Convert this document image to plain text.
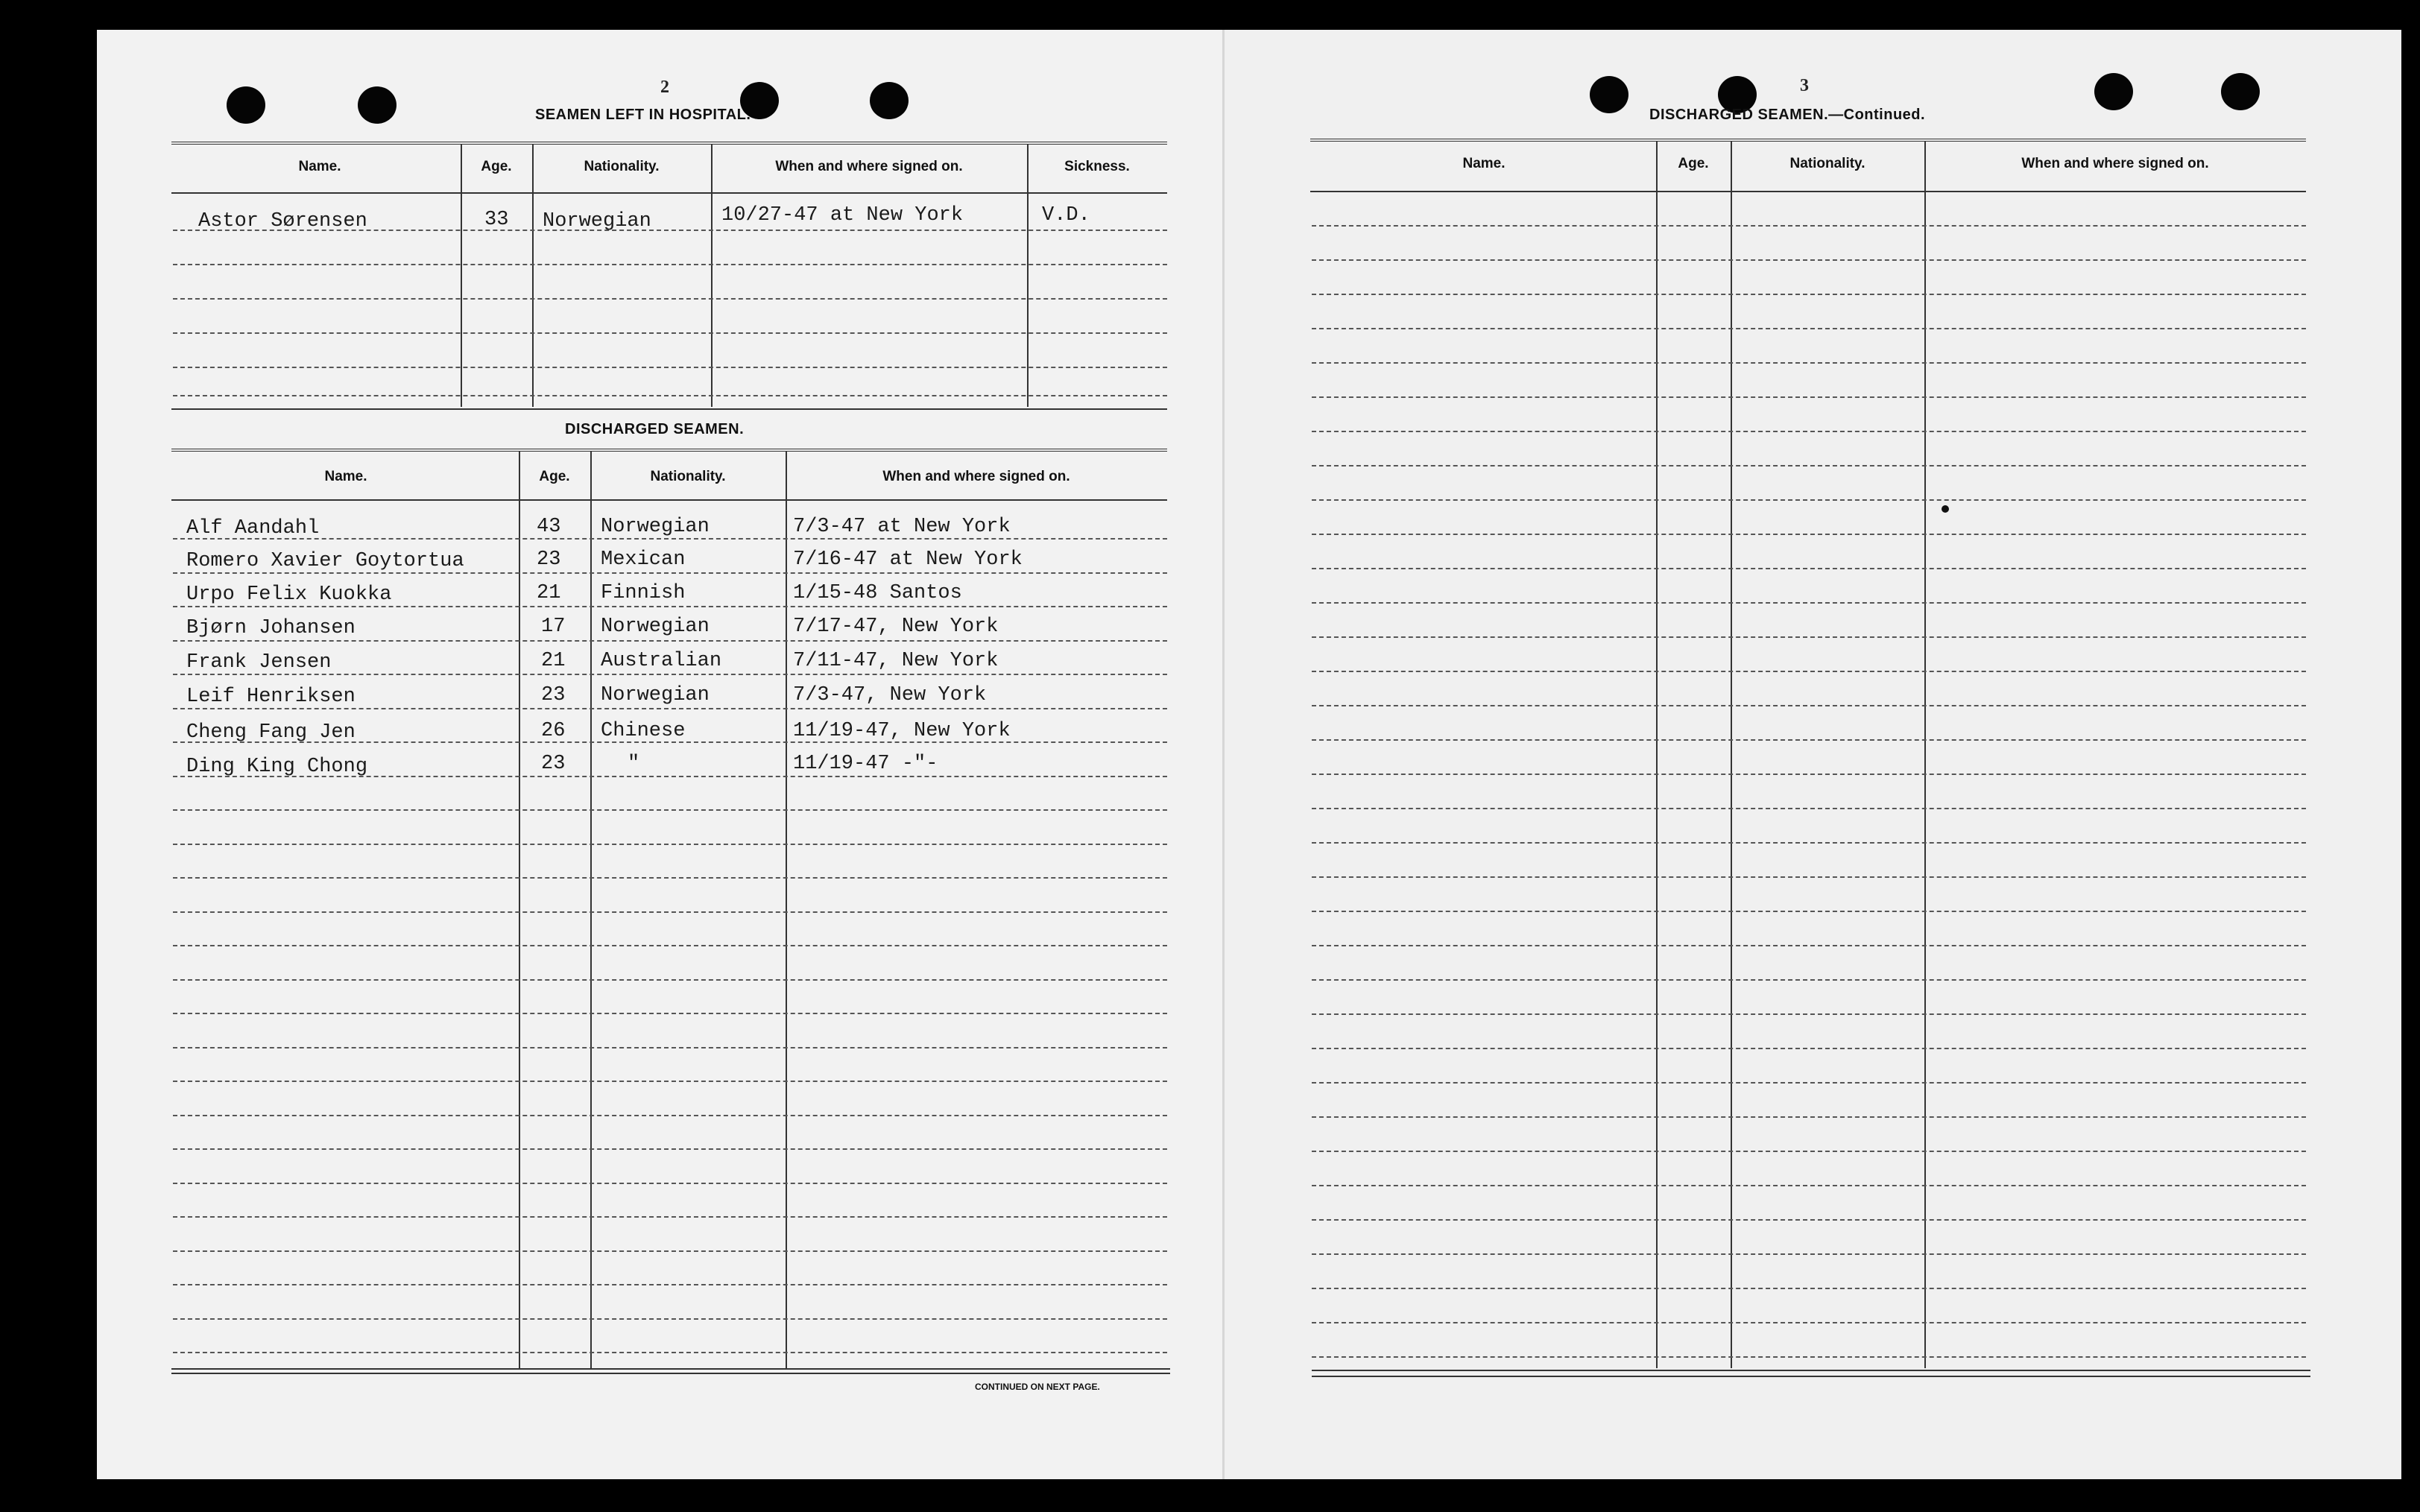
2
SEAMEN LEFT IN HOSPITAL.
Name.	Age.	Nationality.	When and where signed on.	Sickness.
Astor Sørensen	33 Norwegian	10/27-47 at New York	V.D.
DISCHARGED SEAMEN.
Name.	Age.	Nationality.	When and where signed on.
Alf Aandahl	43 Norwegian	7/3-47 at New York
Romero Xavier Goytortua	23 Mexican	7/16-47 at New York
Urpo Felix Kuokka	21 Finnish	1/15-48 Santos
Bjørn Johansen	17 Norwegian	7/17-47, New York
Frank Jensen	21 Australian	7/11-47, New York
Leif Henriksen	23 Norwegian	7/3-47, New York
Cheng Fang Jen	26 Chinese	11/19-47, New York
Ding King Chong	23	"	11/19-47 -"-
CONTINUED ON NEXT PAGE.
3
DISCHARGED SEAMEN.—Continued.
Name.	Age.	Nationality.	When and where signed on.
